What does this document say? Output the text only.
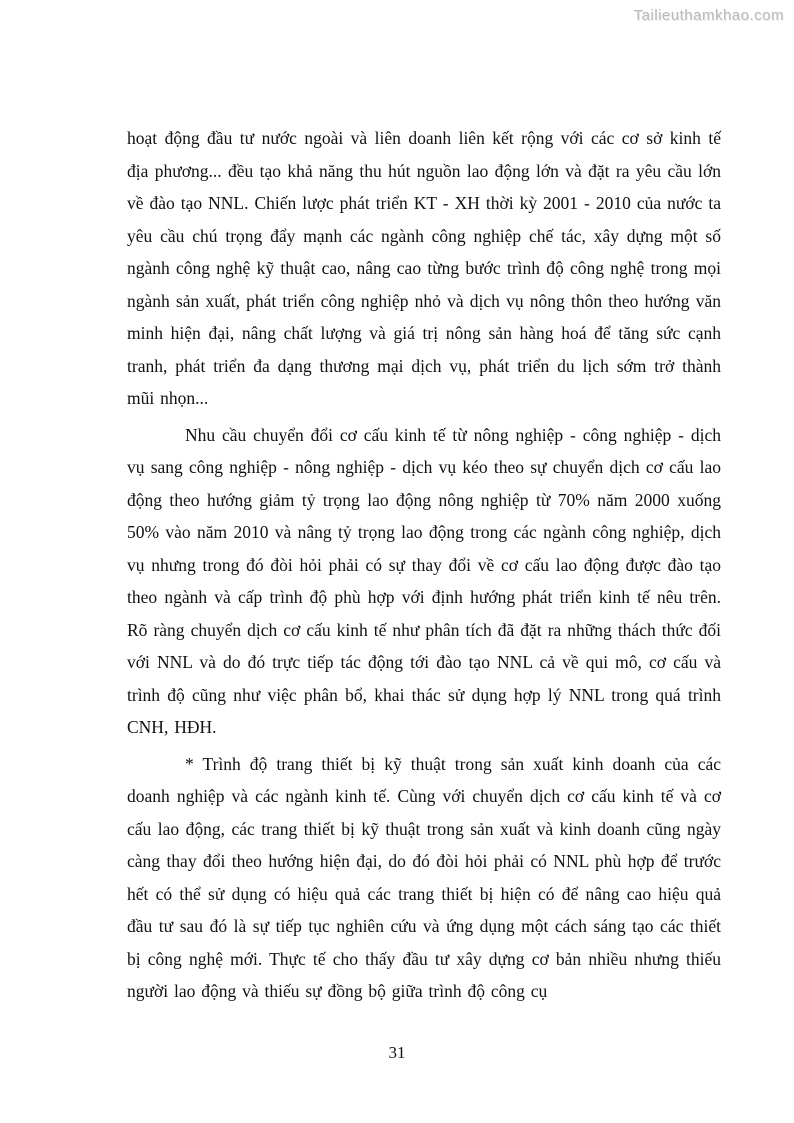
Tailieuthamkhao.com

hoạt động đầu tư nước ngoài và liên doanh liên kết rộng với các cơ sở kinh tế địa phương... đều tạo khả năng thu hút nguồn lao động lớn và đặt ra yêu cầu lớn về đào tạo NNL. Chiến lược phát triển KT - XH thời kỳ 2001 - 2010 của nước ta yêu cầu chú trọng đẩy mạnh các ngành công nghiệp chế tác, xây dựng một số ngành công nghệ kỹ thuật cao, nâng cao từng bước trình độ công nghệ trong mọi ngành sản xuất, phát triển công nghiệp nhỏ và dịch vụ nông thôn theo hướng văn minh hiện đại, nâng chất lượng và giá trị nông sản hàng hoá để tăng sức cạnh tranh, phát triển đa dạng thương mại dịch vụ, phát triển du lịch sớm trở thành mũi nhọn...

Nhu cầu chuyển đổi cơ cấu kinh tế từ nông nghiệp - công nghiệp - dịch vụ sang công nghiệp - nông nghiệp - dịch vụ kéo theo sự chuyển dịch cơ cấu lao động theo hướng giảm tỷ trọng lao động nông nghiệp từ 70% năm 2000 xuống 50% vào năm 2010 và nâng tỷ trọng lao động trong các ngành công nghiệp, dịch vụ nhưng trong đó đòi hỏi phải có sự thay đổi về cơ cấu lao động được đào tạo theo ngành và cấp trình độ phù hợp với định hướng phát triển kinh tế nêu trên. Rõ ràng chuyển dịch cơ cấu kinh tế như phân tích đã đặt ra những thách thức đối với NNL và do đó trực tiếp tác động tới đào tạo NNL cả về qui mô, cơ cấu và trình độ cũng như việc phân bổ, khai thác sử dụng hợp lý NNL trong quá trình CNH, HĐH.

* Trình độ trang thiết bị kỹ thuật trong sản xuất kinh doanh của các doanh nghiệp và các ngành kinh tế. Cùng với chuyển dịch cơ cấu kinh tế và cơ cấu lao động, các trang thiết bị kỹ thuật trong sản xuất và kinh doanh cũng ngày càng thay đổi theo hướng hiện đại, do đó đòi hỏi phải có NNL phù hợp để trước hết có thể sử dụng có hiệu quả các trang thiết bị hiện có để nâng cao hiệu quả đầu tư sau đó là sự tiếp tục nghiên cứu và ứng dụng một cách sáng tạo các thiết bị công nghệ mới. Thực tế cho thấy đầu tư xây dựng cơ bản nhiều nhưng thiếu người lao động và thiếu sự đồng bộ giữa trình độ công cụ

31
